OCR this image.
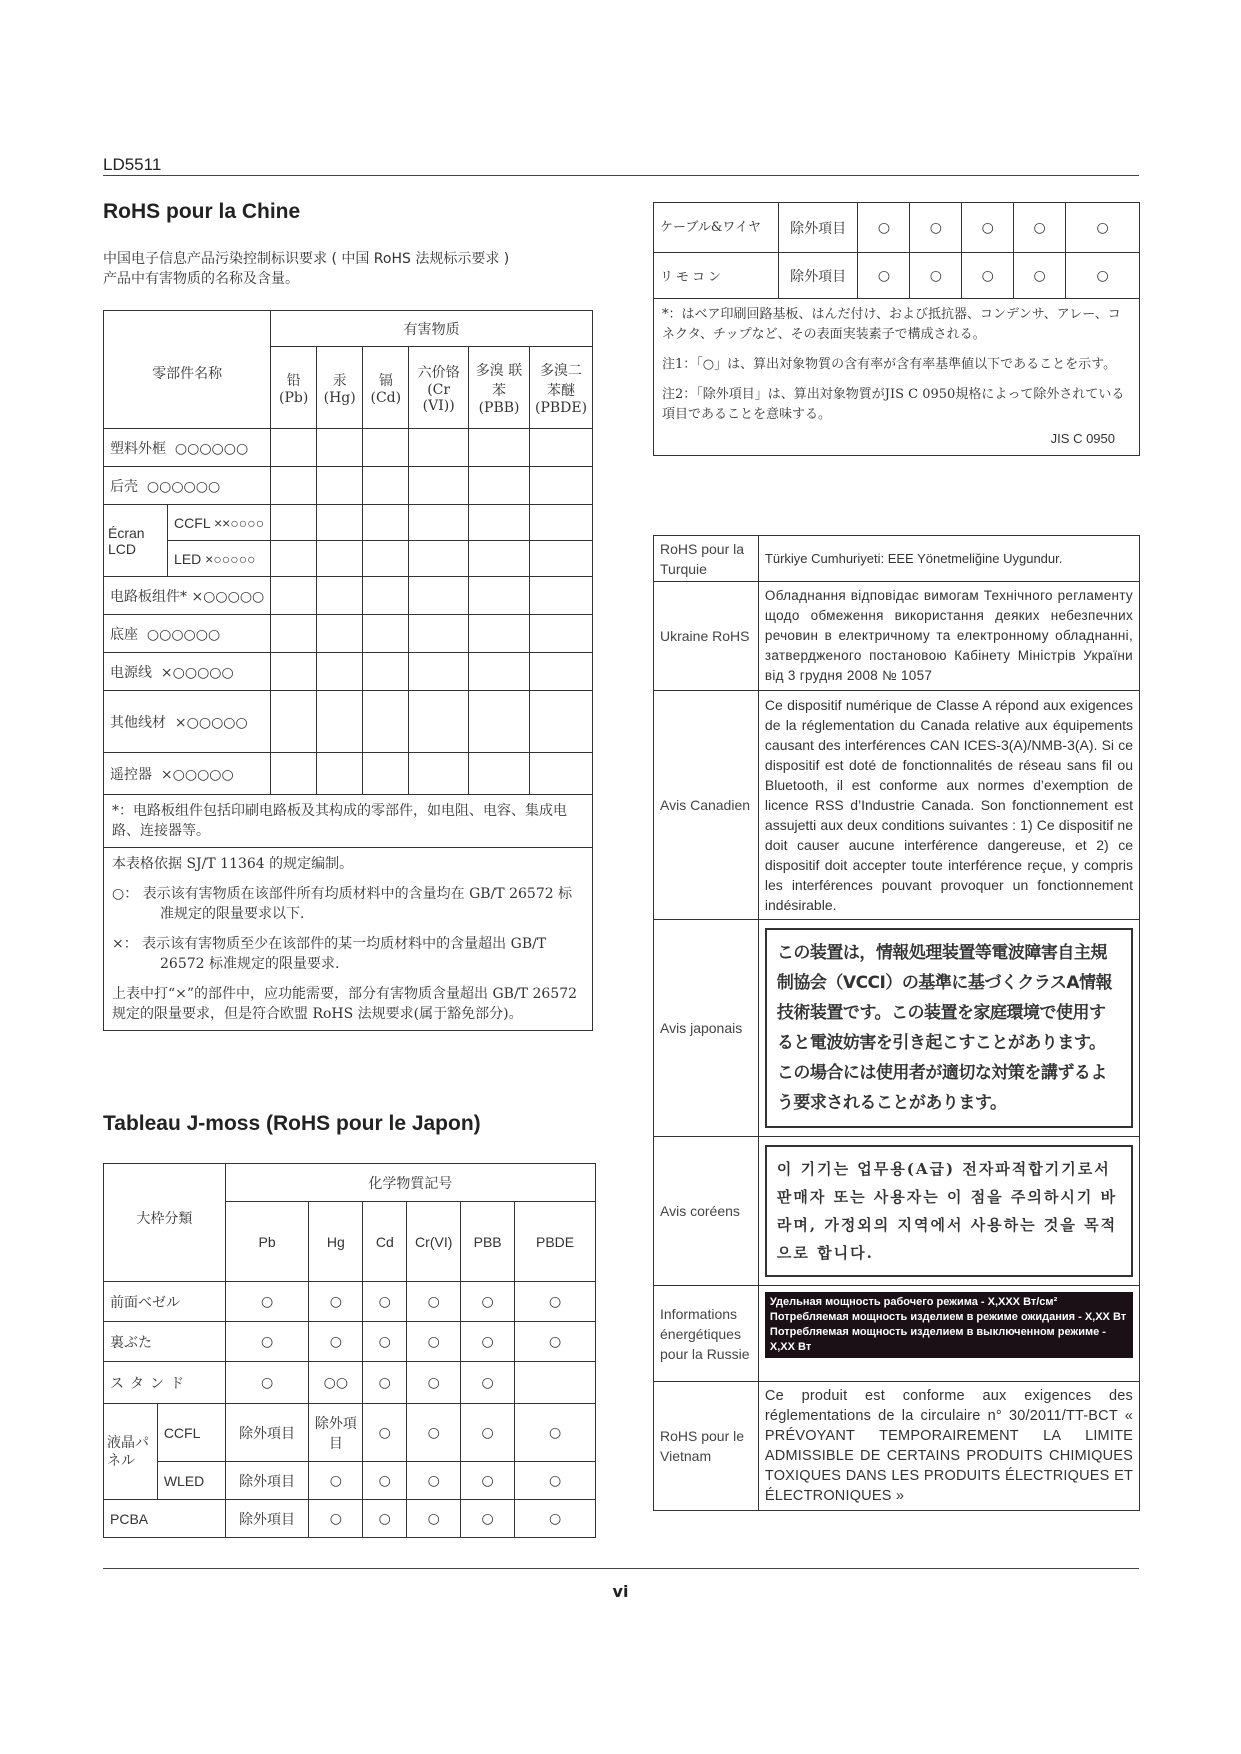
LD5511
vi
RoHS pour la Chine
中国电子信息产品污染控制标识要求 ( 中国 RoHS 法规标示要求 )
产品中有害物质的名称及含量。
零部件名称		有害物质					
		铅 (Pb)	汞 (Hg)	镉 (Cd)	六价铬 (Cr (VI))	多溴 联苯 (PBB)	多溴二 苯醚 (PBDE)
塑料外框 ○○○○○○							
后壳 ○○○○○○							
Écran LCD	CCFL ××○○○○						
	LED ×○○○○○						
电路板组件* ×○○○○○							
底座 ○○○○○○							
电源线 ×○○○○○							
其他线材 ×○○○○○							
遥控器 ×○○○○○							
*：电路板组件包括印刷电路板及其构成的零部件，如电阻、电容、集成电路、连接器等。							

本表格依据 SJ/T 11364 的规定编制。

○： 表示该有害物质在该部件所有均质材料中的含量均在 GB/T 26572 标准规定的限量要求以下.

×： 表示该有害物质至少在该部件的某一均质材料中的含量超出 GB/T 26572 标准规定的限量要求.

上表中打“×”的部件中，应功能需要，部分有害物质含量超出 GB/T 26572 规定的限量要求，但是符合欧盟 RoHS 法规要求(属于豁免部分)。							

Tableau J-moss (RoHS pour le Japon)
大枠分類		化学物質記号					
		Pb	Hg	Cd	Cr(VI)	PBB	PBDE
前面ベゼル		○	○	○	○	○	○
裏ぶた		○	○	○	○	○	○
スタンド		○	○○	○	○	○	
液晶パネル	CCFL	除外項目	除外項目	○	○	○	○
	WLED	除外項目	○	○	○	○	○
PCBA		除外項目	○	○	○	○	○
ケーブル&ワイヤ	除外項目	○	○	○	○	○
リモコン	除外項目	○	○	○	○	○

*：はベア印刷回路基板、はんだ付け、および抵抗器、コンデンサ、アレー、コネクタ、チップなど、その表面実装素子で構成される。

注1：「○」は、算出対象物質の含有率が含有率基準値以下であることを示す。

注2：「除外項目」は、算出対象物質がJIS C 0950規格によって除外されている項目であることを意味する。

JIS C 0950						

RoHS pour la Turquie	Türkiye Cumhuriyeti: EEE Yönetmeliğine Uygundur.
Ukraine RoHS	Обладнання відповідає вимогам Технічного регламенту щодо обмеження використання деяких небезпечних речовин в електричному та електронному обладнанні, затвердженого постановою Кабінету Міністрів України від 3 грудня 2008 № 1057
Avis Canadien	Ce dispositif numérique de Classe A répond aux exigences de la réglementation du Canada relative aux équipements causant des interférences CAN ICES-3(A)/NMB-3(A). Si ce dispositif est doté de fonctionnalités de réseau sans fil ou Bluetooth, il est conforme aux normes d’exemption de licence RSS d’Industrie Canada. Son fonctionnement est assujetti aux deux conditions suivantes : 1) Ce dispositif ne doit causer aucune interférence dangereuse, et 2) ce dispositif doit accepter toute interférence reçue, y compris les interférences pouvant provoquer un fonctionnement indésirable.
Avis japonais	この装置は，情報処理装置等電波障害自主規制協会（VCCI）の基準に基づくクラスA情報技術装置です。この装置を家庭環境で使用すると電波妨害を引き起こすことがあります。この場合には使用者が適切な対策を講ずるよう要求されることがあります。

Avis coréens	이 기기는 업무용(A급) 전자파적합기기로서 판매자 또는 사용자는 이 점을 주의하시기 바라며, 가정외의 지역에서 사용하는 것을 목적으로 합니다.

Informations énergétiques pour la Russie	Удельная мощность рабочего режима - X,XXX Вт/см²
Потребляемая мощность изделием в режиме ожидания - X,XX Вт
Потребляемая мощность изделием в выключенном режиме - X,XX Вт

RoHS pour le Vietnam	Ce produit est conforme aux exigences des réglementations de la circulaire n° 30/2011/TT-BCT « PRÉVOYANT TEMPORAIREMENT LA LIMITE ADMISSIBLE DE CERTAINS PRODUITS CHIMIQUES TOXIQUES DANS LES PRODUITS ÉLECTRIQUES ET ÉLECTRONIQUES »
